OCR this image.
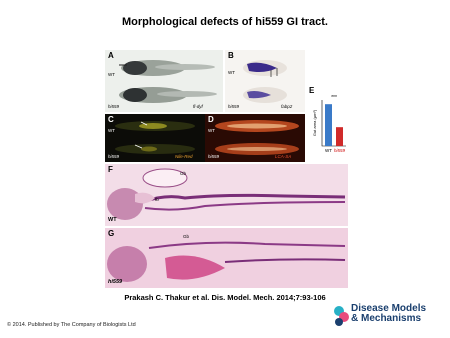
Morphological defects of hi559 GI tract.
A
WT
hi559	fl-dyf
B
WT
hi559	fabp2
C
WT
hi559	Nile-Red
D
WT
hi559	LCA-SA
E
WT hi559
***
Gut area (μm²)
F	Gb
Ib
WT
G	Gb
hi559
Prakash C. Thakur et al. Dis. Model. Mech. 2014;7:93-106
© 2014. Published by The Company of Biologists Ltd
Disease Models
& Mechanisms
